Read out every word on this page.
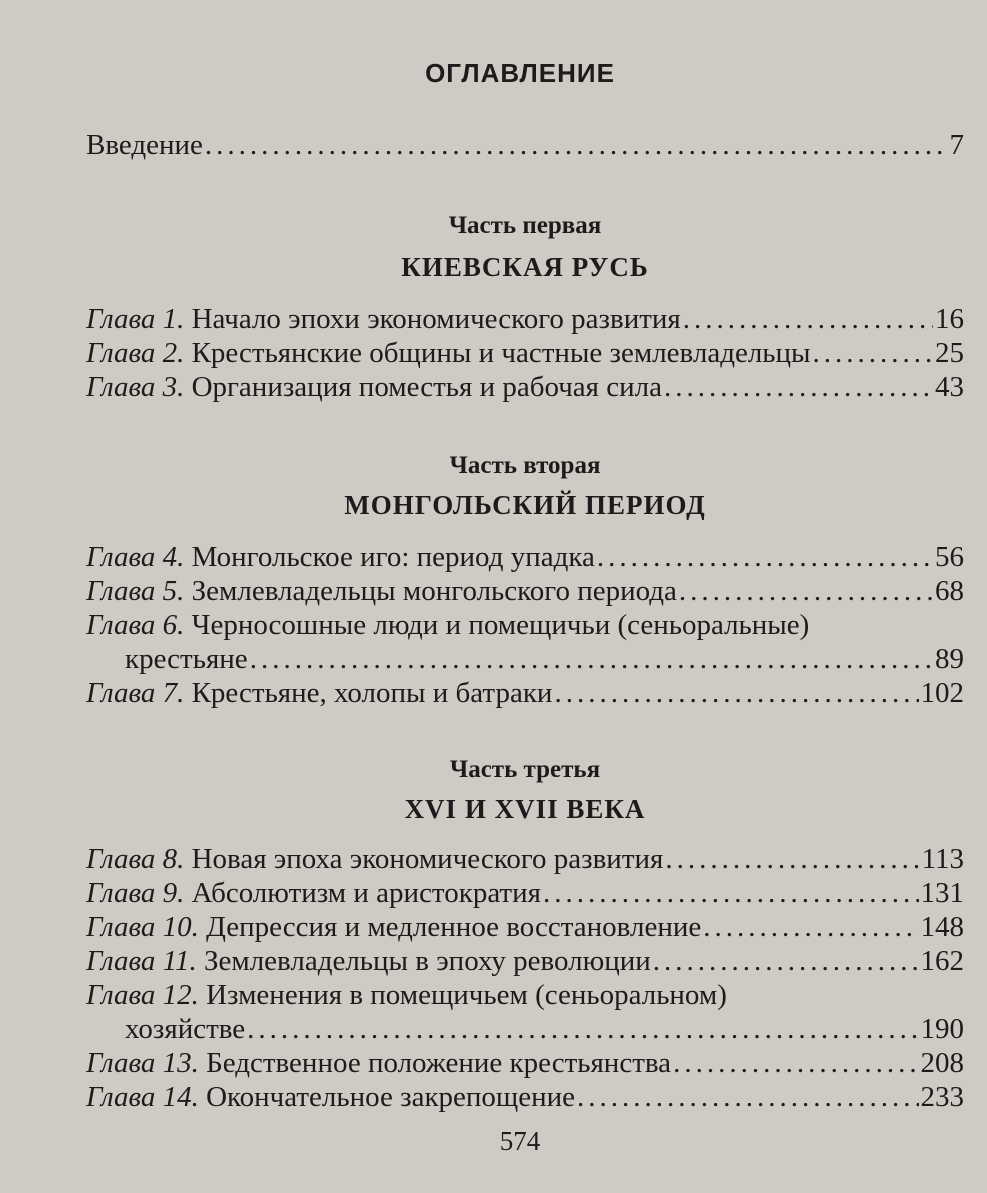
ОГЛАВЛЕНИЕ
Введение .....	7
Часть первая
КИЕВСКАЯ РУСЬ
Глава 1. Начало эпохи экономического развития .....	16
Глава 2. Крестьянские общины и частные землевладельцы .....	25
Глава 3. Организация поместья и рабочая сила .....	43
Часть вторая
МОНГОЛЬСКИЙ ПЕРИОД
Глава 4. Монгольское иго: период упадка .....	56
Глава 5. Землевладельцы монгольского периода .....	68
Глава 6. Черносошные люди и помещичьи (сеньоральные)
крестьяне .....	89
Глава 7. Крестьяне, холопы и батраки .....	102
Часть третья
XVI И XVII ВЕКА
Глава 8. Новая эпоха экономического развития .....	113
Глава 9. Абсолютизм и аристократия .....	131
Глава 10. Депрессия и медленное восстановление .....	148
Глава 11. Землевладельцы в эпоху революции .....	162
Глава 12. Изменения в помещичьем (сеньоральном)
хозяйстве .....	190
Глава 13. Бедственное положение крестьянства .....	208
Глава 14. Окончательное закрепощение .....	233
574
